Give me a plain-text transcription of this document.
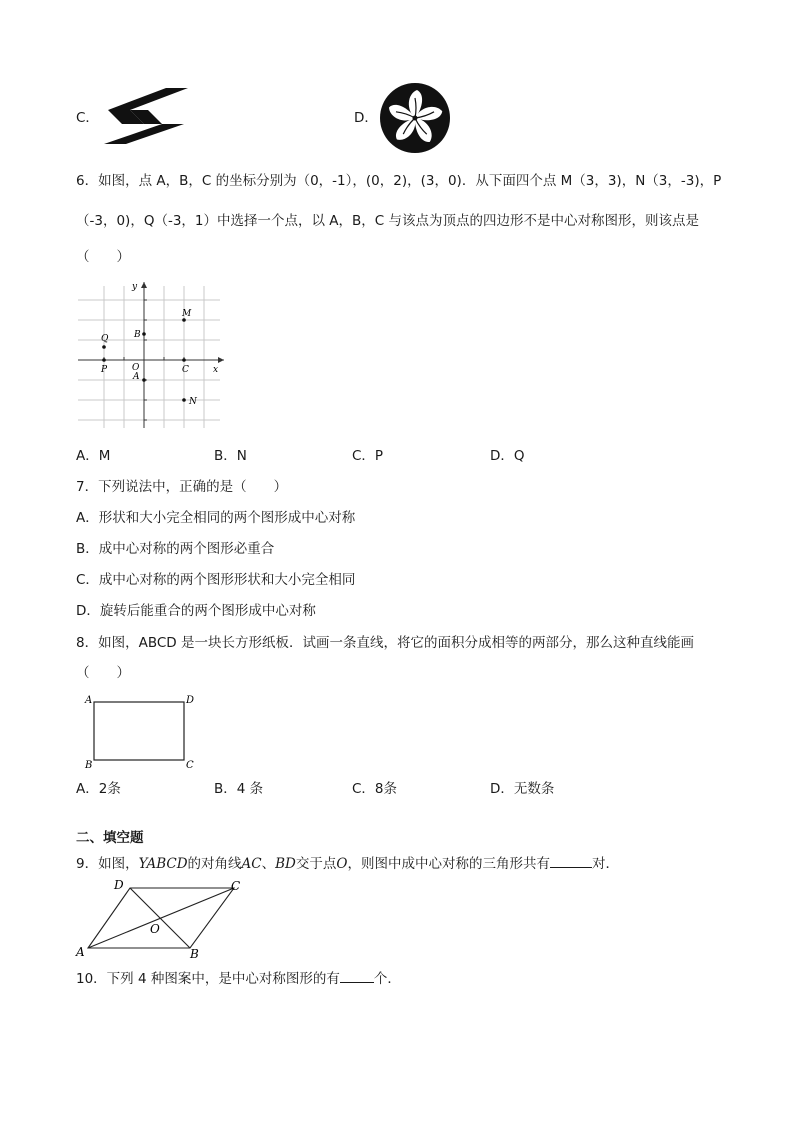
C．	D．
6．如图，点 A，B，C 的坐标分别为（0，-1），(0，2)，(3，0)．从下面四个点 M（3，3)，N（3，-3)，P
（-3，0)，Q（-3，1）中选择一个点，以 A，B，C 与该点为顶点的四边形不是中心对称图形，则该点是
（　　）
y
x
O
A
B
C
M
N
P
Q
A．M	B．N	C．P	D．Q
7．下列说法中，正确的是（　　）
A．形状和大小完全相同的两个图形成中心对称
B．成中心对称的两个图形必重合
C．成中心对称的两个图形形状和大小完全相同
D．旋转后能重合的两个图形成中心对称
8．如图，ABCD 是一块长方形纸板．试画一条直线，将它的面积分成相等的两部分，那么这种直线能画
（　　）
A	D
B	C
A．2条	B．4 条	C．8条	D．无数条
二、填空题
9．如图，YABCD的对角线AC、BD交于点O，则图中成中心对称的三角形共有	对．
A	B
C
D
O
10．下列 4 种图案中，是中心对称图形的有	个．
